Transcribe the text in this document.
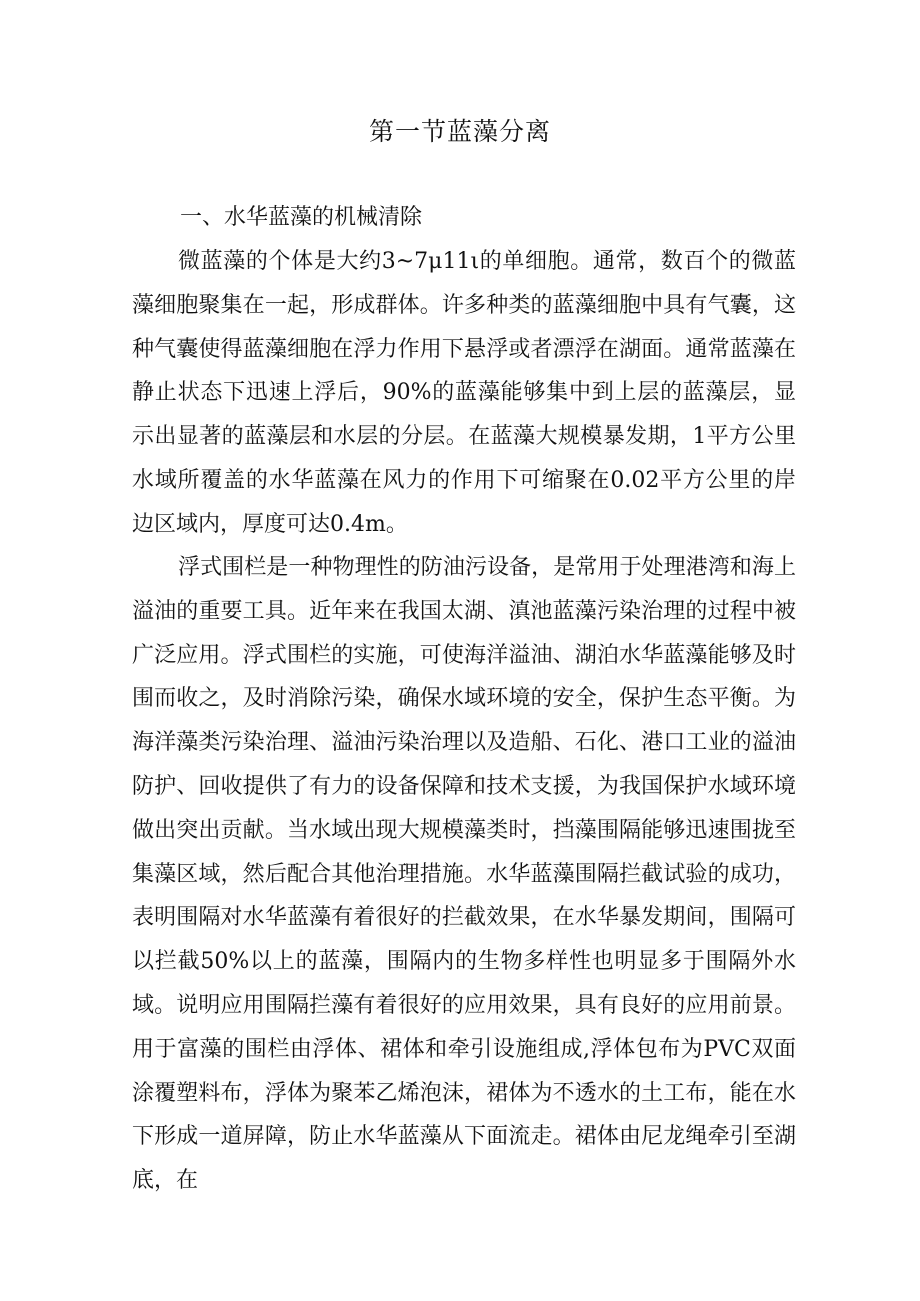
第一节蓝藻分离
一、水华蓝藻的机械清除

微蓝藻的个体是大约3~7μ11ι的单细胞。通常，数百个的微蓝藻细胞聚集在一起，形成群体。许多种类的蓝藻细胞中具有气囊，这种气囊使得蓝藻细胞在浮力作用下悬浮或者漂浮在湖面。通常蓝藻在静止状态下迅速上浮后，90%的蓝藻能够集中到上层的蓝藻层，显示出显著的蓝藻层和水层的分层。在蓝藻大规模暴发期，1平方公里水域所覆盖的水华蓝藻在风力的作用下可缩聚在0.02平方公里的岸边区域内，厚度可达0.4m。

浮式围栏是一种物理性的防油污设备，是常用于处理港湾和海上溢油的重要工具。近年来在我国太湖、滇池蓝藻污染治理的过程中被广泛应用。浮式围栏的实施，可使海洋溢油、湖泊水华蓝藻能够及时围而收之，及时消除污染，确保水域环境的安全，保护生态平衡。为海洋藻类污染治理、溢油污染治理以及造船、石化、港口工业的溢油防护、回收提供了有力的设备保障和技术支援，为我国保护水域环境做出突出贡献。当水域出现大规模藻类时，挡藻围隔能够迅速围拢至集藻区域，然后配合其他治理措施。水华蓝藻围隔拦截试验的成功，表明围隔对水华蓝藻有着很好的拦截效果，在水华暴发期间，围隔可以拦截50%以上的蓝藻，围隔内的生物多样性也明显多于围隔外水域。说明应用围隔拦藻有着很好的应用效果，具有良好的应用前景。用于富藻的围栏由浮体、裙体和牵引设施组成,浮体包布为PVC双面涂覆塑料布，浮体为聚苯乙烯泡沫，裙体为不透水的土工布，能在水下形成一道屏障，防止水华蓝藻从下面流走。裙体由尼龙绳牵引至湖底，在
